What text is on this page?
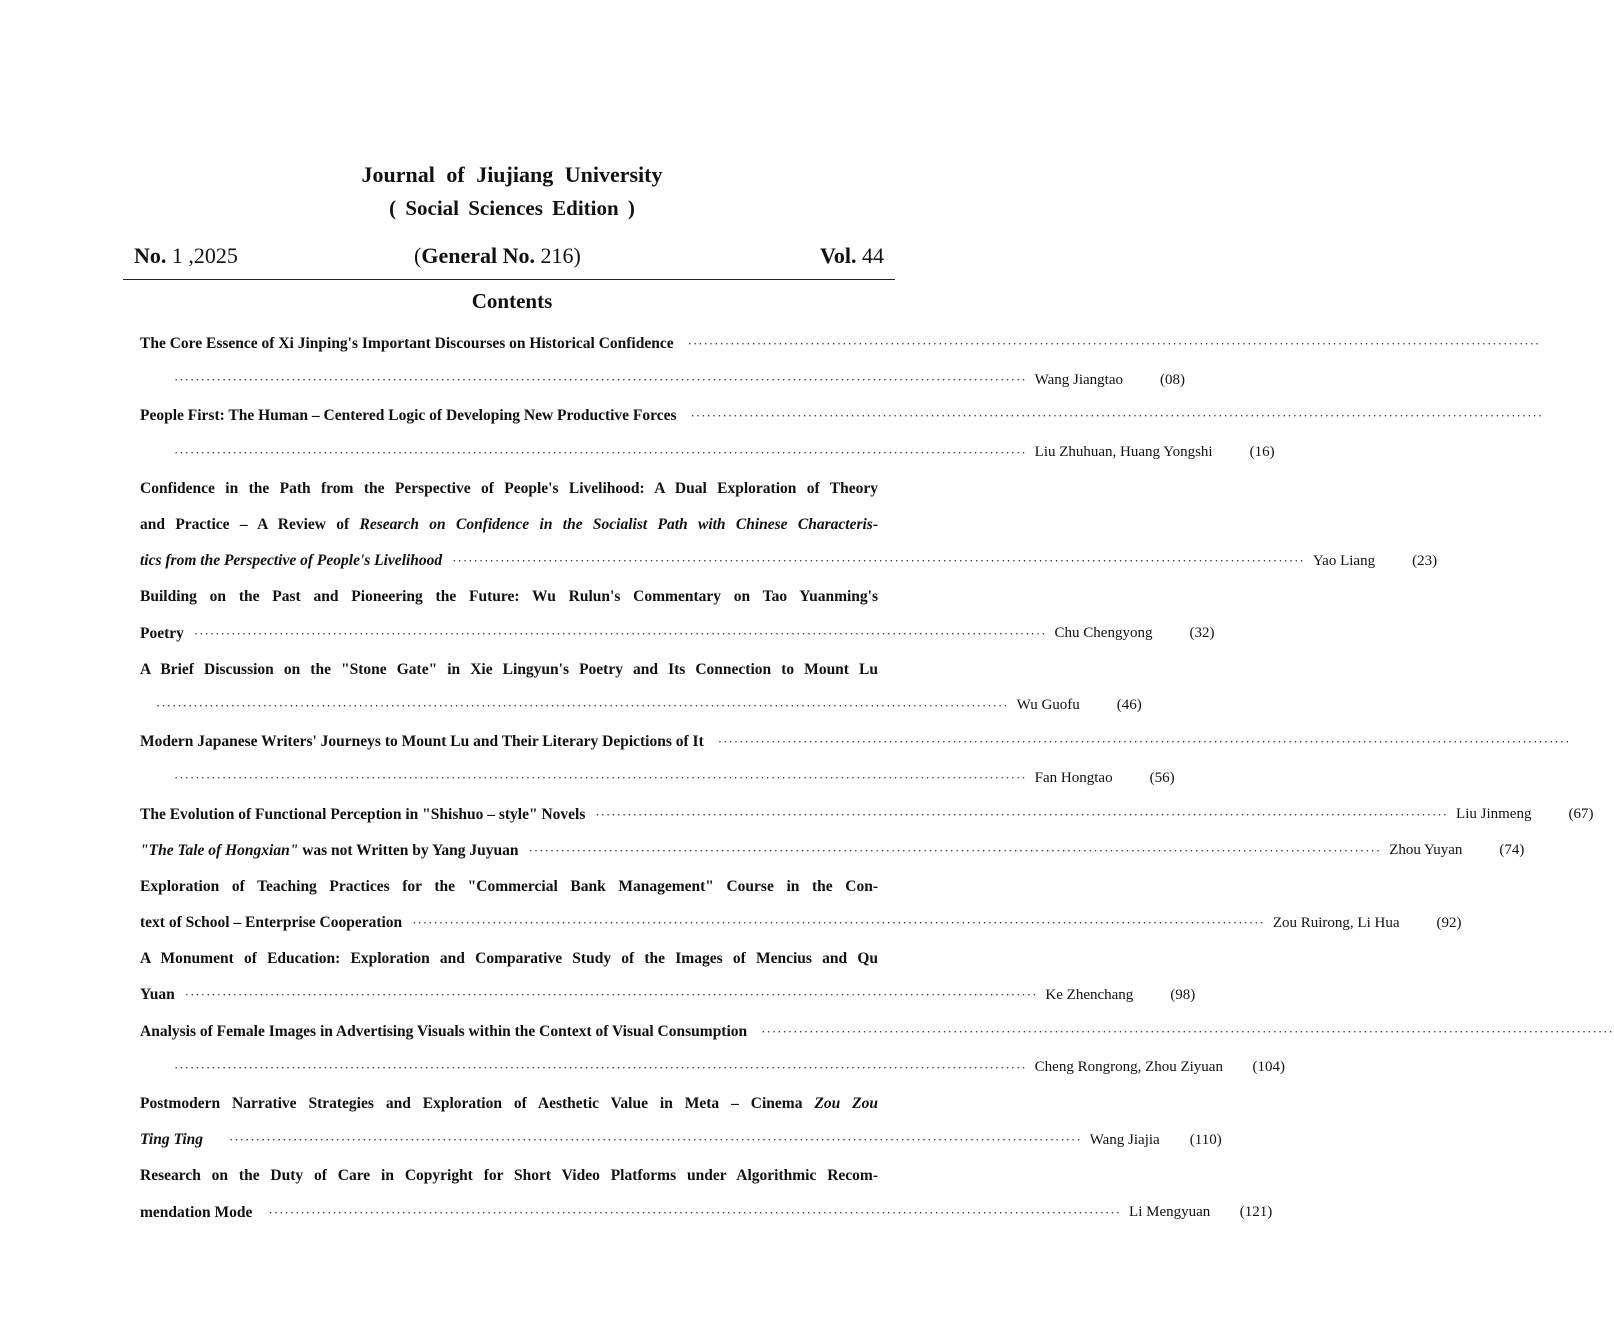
Journal of Jiujiang University
( Social Sciences Edition )
No. 1 ,2025	(General No. 216)	Vol. 44
Contents
The Core Essence of Xi Jinping's Important Discourses on Historical Confidence ································································································································································
································································································································································ Wang Jiangtao	(08)
People First: The Human – Centered Logic of Developing New Productive Forces ································································································································································
································································································································································ Liu Zhuhuan, Huang Yongshi	(16)
Confidence in the Path from the Perspective of People's Livelihood: A Dual Exploration of Theory
and Practice – A Review of Research on Confidence in the Socialist Path with Chinese Characteris-
tics from the Perspective of People's Livelihood ································································································································································ Yao Liang	(23)
Building on the Past and Pioneering the Future: Wu Rulun's Commentary on Tao Yuanming's
Poetry ································································································································································ Chu Chengyong	(32)
A Brief Discussion on the "Stone Gate" in Xie Lingyun's Poetry and Its Connection to Mount Lu
································································································································································ Wu Guofu	(46)
Modern Japanese Writers' Journeys to Mount Lu and Their Literary Depictions of It ································································································································································
································································································································································ Fan Hongtao	(56)
The Evolution of Functional Perception in "Shishuo – style" Novels ································································································································································ Liu Jinmeng	(67)
"The Tale of Hongxian" was not Written by Yang Juyuan ································································································································································ Zhou Yuyan	(74)
Exploration of Teaching Practices for the "Commercial Bank Management" Course in the Con-
text of School – Enterprise Cooperation ································································································································································ Zou Ruirong, Li Hua	(92)
A Monument of Education: Exploration and Comparative Study of the Images of Mencius and Qu
Yuan ································································································································································ Ke Zhenchang	(98)
Analysis of Female Images in Advertising Visuals within the Context of Visual Consumption ································································································································································
································································································································································ Cheng Rongrong, Zhou Ziyuan	(104)
Postmodern Narrative Strategies and Exploration of Aesthetic Value in Meta – Cinema Zou Zou
Ting Ting ································································································································································ Wang Jiajia	(110)
Research on the Duty of Care in Copyright for Short Video Platforms under Algorithmic Recom-
mendation Mode ································································································································································ Li Mengyuan	(121)
